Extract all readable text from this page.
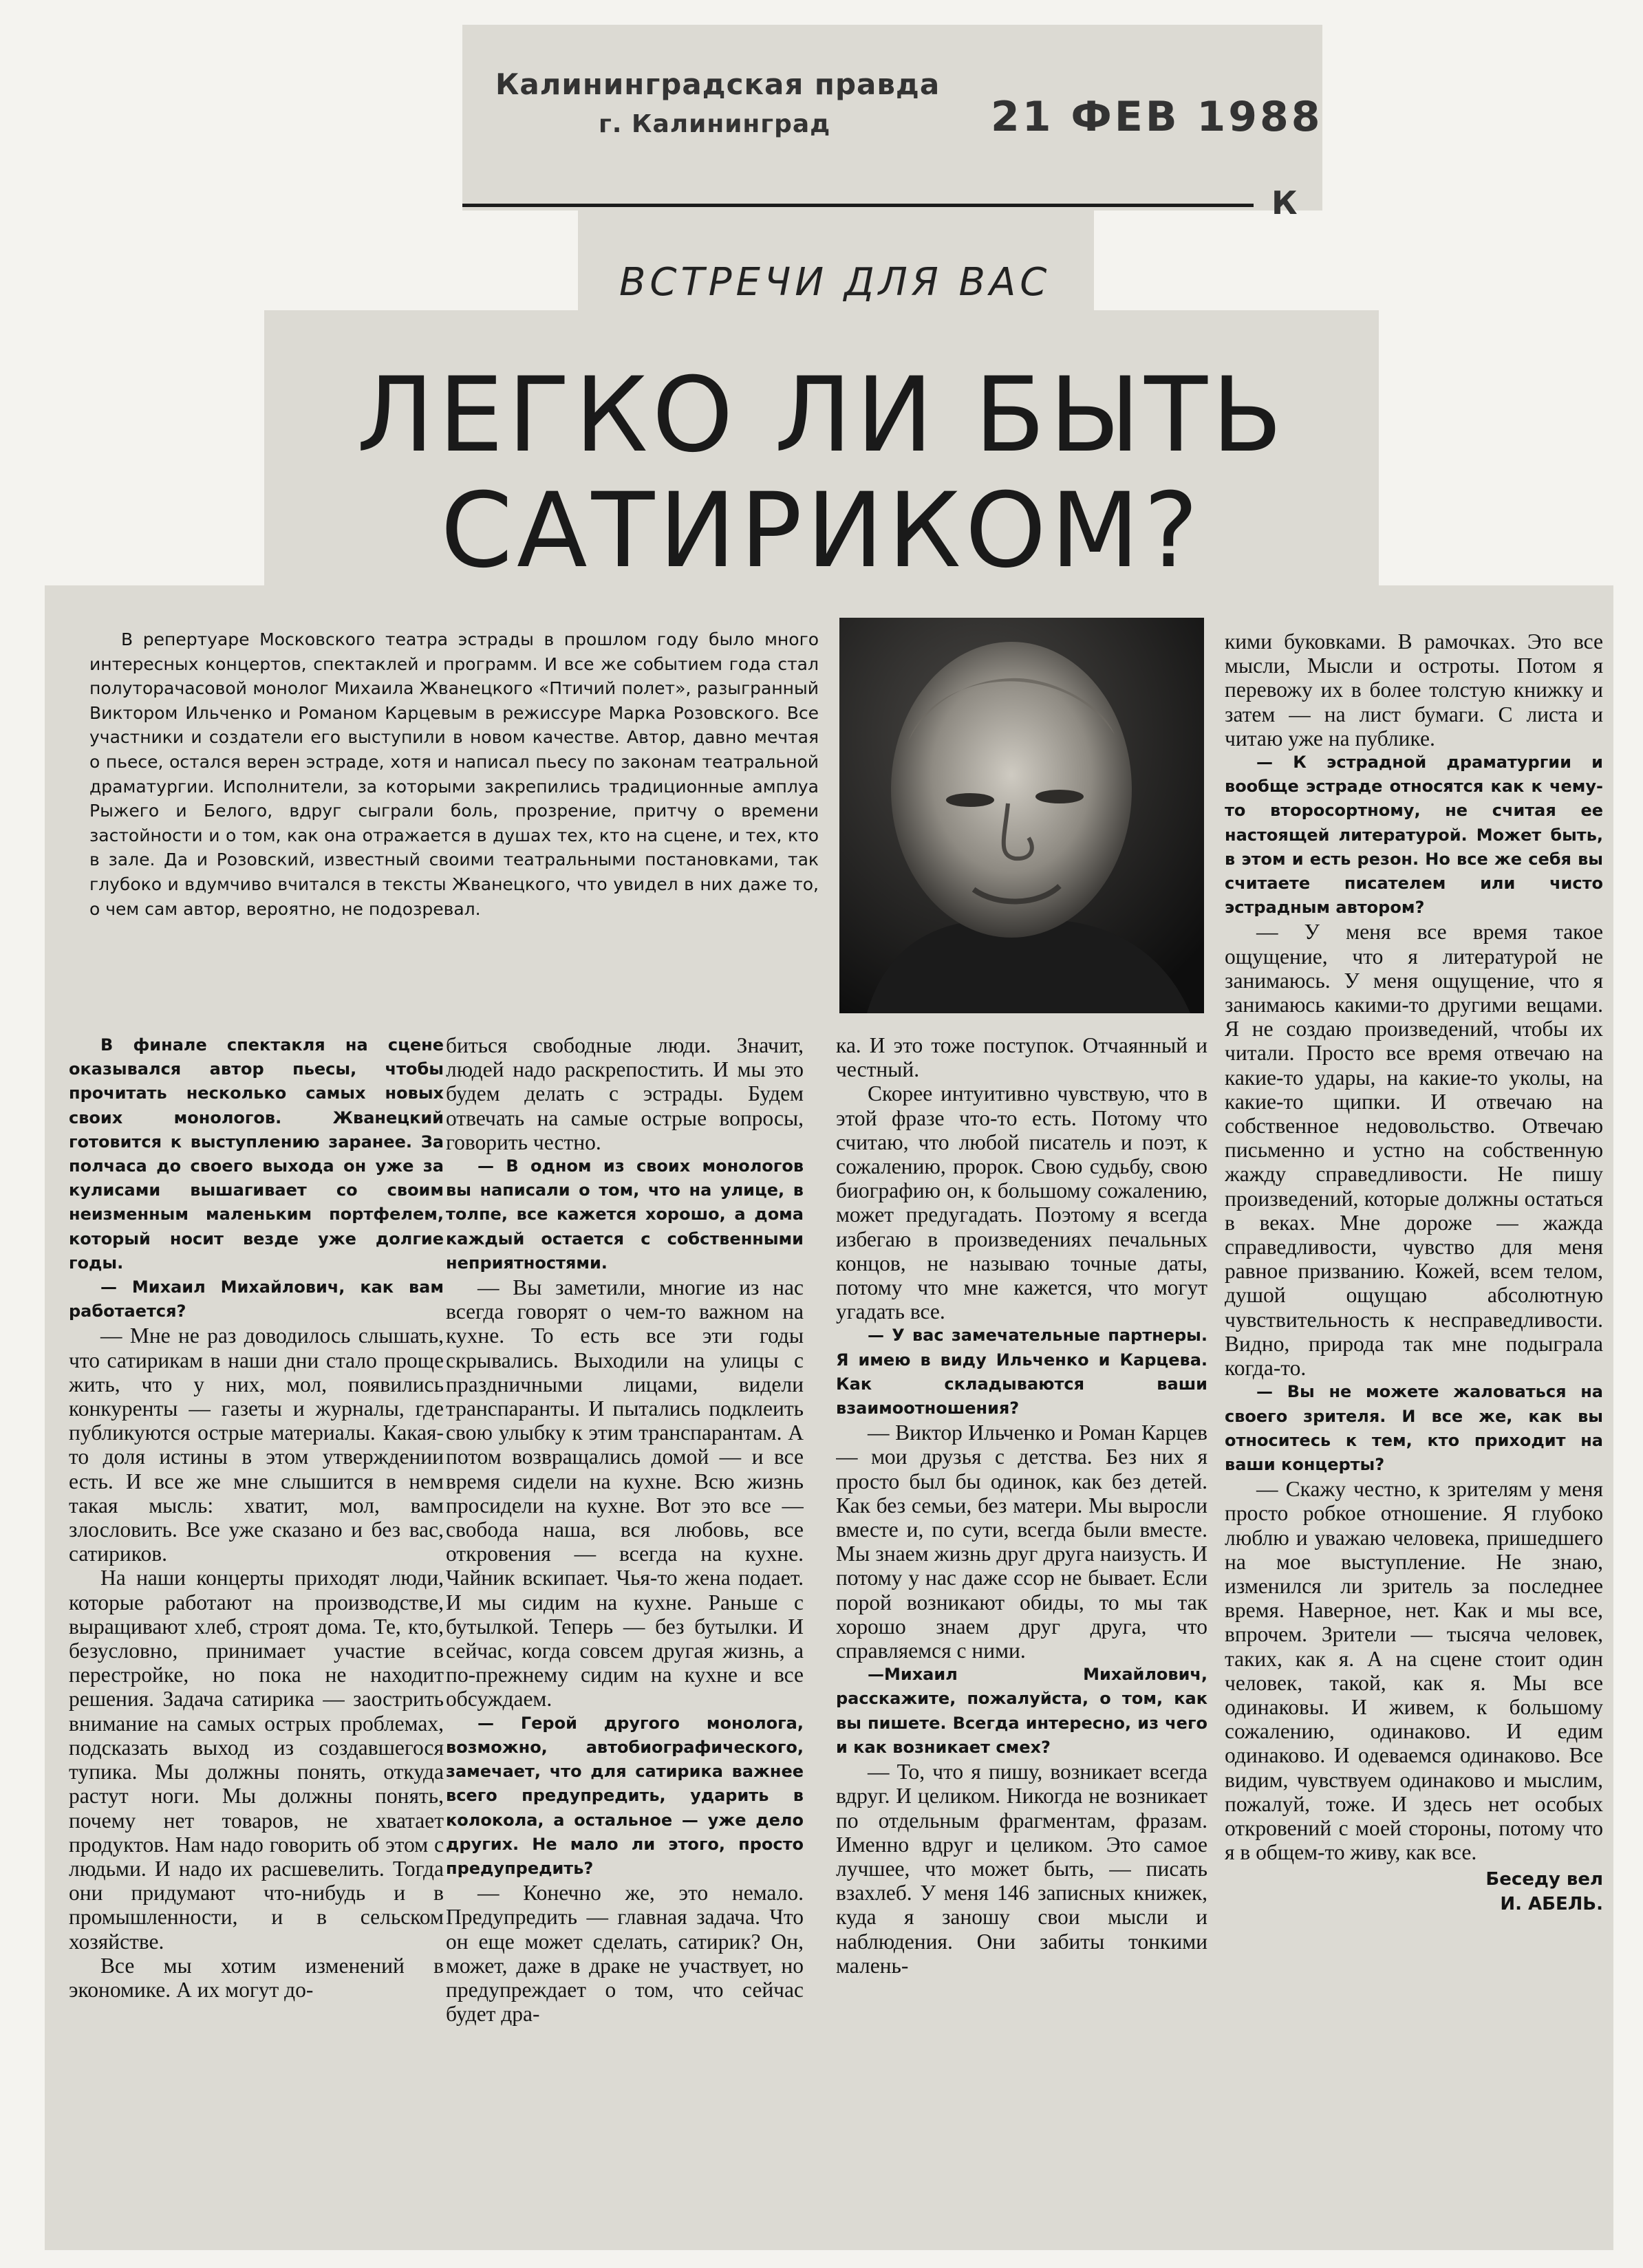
Калининградская правда
г. Калининград	21 ФЕВ 1988
К
ВСТРЕЧИ ДЛЯ ВАС
ЛЕГКО ЛИ БЫТЬ
САТИРИКОМ?

В репертуаре Московского театра эстрады в прошлом году было много интересных концертов, спектаклей и программ. И все же событием года стал полуторачасовой монолог Михаила Жванецкого «Птичий полет», разыгранный Виктором Ильченко и Романом Карцевым в режиссуре Марка Розовского. Все участники и создатели его выступили в новом качестве. Автор, давно мечтая о пьесе, остался верен эстраде, хотя и написал пьесу по законам театральной драматургии. Исполнители, за которыми закрепились традиционные амплуа Рыжего и Белого, вдруг сыграли боль, прозрение, притчу о времени застойности и о том, как она отражается в душах тех, кто на сцене, и тех, кто в зале. Да и Розовский, известный своими театральными постановками, так глубоко и вдумчиво вчитался в тексты Жванецкого, что увидел в них даже то, о чем сам автор, вероятно, не подозревал.

В финале спектакля на сцене оказывался автор пьесы, чтобы прочитать несколько самых новых своих монологов. Жванецкий готовится к выступлению заранее. За полчаса до своего выхода он уже за кулисами вышагивает со своим неизменным маленьким портфелем, который носит везде уже долгие годы.

— Михаил Михайлович, как вам работается?

— Мне не раз доводилось слышать, что сатирикам в наши дни стало проще жить, что у них, мол, появились конкуренты — газеты и журналы, где публикуются острые материалы. Какая-то доля истины в этом утверждении есть. И все же мне слышится в нем такая мысль: хватит, мол, вам злословить. Все уже сказано и без вас, сатириков.

На наши концерты приходят люди, которые работают на производстве, выращивают хлеб, строят дома. Те, кто, безусловно, принимает участие в перестройке, но пока не находит решения. Задача сатирика — заострить внимание на самых острых проблемах, подсказать выход из создавшегося тупика. Мы должны понять, откуда растут ноги. Мы должны понять, почему нет товаров, не хватает продуктов. Нам надо говорить об этом с людьми. И надо их расшевелить. Тогда они придумают что-нибудь и в промышленности, и в сельском хозяйстве.

Все мы хотим изменений в экономике. А их могут до-

биться свободные люди. Значит, людей надо раскрепостить. И мы это будем делать с эстрады. Будем отвечать на самые острые вопросы, говорить честно.

— В одном из своих монологов вы написали о том, что на улице, в толпе, все кажется хорошо, а дома каждый остается с собственными неприятностями.

— Вы заметили, многие из нас всегда говорят о чем-то важном на кухне. То есть все эти годы скрывались. Выходили на улицы с праздничными лицами, видели транспаранты. И пытались подклеить свою улыбку к этим транспарантам. А потом возвращались домой — и все время сидели на кухне. Всю жизнь просидели на кухне. Вот это все — свобода наша, вся любовь, все откровения — всегда на кухне. Чайник вскипает. Чья-то жена подает. И мы сидим на кухне. Раньше с бутылкой. Теперь — без бутылки. И сейчас, когда совсем другая жизнь, а по-прежнему сидим на кухне и все обсуждаем.

— Герой другого монолога, возможно, автобиографического, замечает, что для сатирика важнее всего предупредить, ударить в колокола, а остальное — уже дело других. Не мало ли этого, просто предупредить?

— Конечно же, это немало. Предупредить — главная задача. Что он еще может сделать, сатирик? Он, может, даже в драке не участвует, но предупреждает о том, что сейчас будет дра-

ка. И это тоже поступок. Отчаянный и честный.

Скорее интуитивно чувствую, что в этой фразе что-то есть. Потому что считаю, что любой писатель и поэт, к сожалению, пророк. Свою судьбу, свою биографию он, к большому сожалению, может предугадать. Поэтому я всегда избегаю в произведениях печальных концов, не называю точные даты, потому что мне кажется, что могут угадать все.

— У вас замечательные партнеры. Я имею в виду Ильченко и Карцева. Как складываются ваши взаимоотношения?

— Виктор Ильченко и Роман Карцев — мои друзья с детства. Без них я просто был бы одинок, как без детей. Как без семьи, без матери. Мы выросли вместе и, по сути, всегда были вместе. Мы знаем жизнь друг друга наизусть. И потому у нас даже ссор не бывает. Если порой возникают обиды, то мы так хорошо знаем друг друга, что справляемся с ними.

—Михаил Михайлович, расскажите, пожалуйста, о том, как вы пишете. Всегда интересно, из чего и как возникает смех?

— То, что я пишу, возникает всегда вдруг. И целиком. Никогда не возникает по отдельным фрагментам, фразам. Именно вдруг и целиком. Это самое лучшее, что может быть, — писать взахлеб. У меня 146 записных книжек, куда я заношу свои мысли и наблюдения. Они забиты тонкими малень-

кими буковками. В рамочках. Это все мысли, Мысли и остроты. Потом я перевожу их в более толстую книжку и затем — на лист бумаги. С листа и читаю уже на публике.

— К эстрадной драматургии и вообще эстраде относятся как к чему-то второсортному, не считая ее настоящей литературой. Может быть, в этом и есть резон. Но все же себя вы считаете писателем или чисто эстрадным автором?

— У меня все время такое ощущение, что я литературой не занимаюсь. У меня ощущение, что я занимаюсь какими-то другими вещами. Я не создаю произведений, чтобы их читали. Просто все время отвечаю на какие-то удары, на какие-то уколы, на какие-то щипки. И отвечаю на собственное недовольство. Отвечаю письменно и устно на собственную жажду справедливости. Не пишу произведений, которые должны остаться в веках. Мне дороже — жажда справедливости, чувство для меня равное призванию. Кожей, всем телом, душой ощущаю абсолютную чувствительность к несправедливости. Видно, природа так мне подыграла когда-то.

— Вы не можете жаловаться на своего зрителя. И все же, как вы относитесь к тем, кто приходит на ваши концерты?

— Скажу честно, к зрителям у меня просто робкое отношение. Я глубоко люблю и уважаю человека, пришедшего на мое выступление. Не знаю, изменился ли зритель за последнее время. Наверное, нет. Как и мы все, впрочем. Зрители — тысяча человек, таких, как я. А на сцене стоит один человек, такой, как я. Мы все одинаковы. И живем, к большому сожалению, одинаково. И едим одинаково. И одеваемся одинаково. Все видим, чувствуем одинаково и мыслим, пожалуй, тоже. И здесь нет особых откровений с моей стороны, потому что я в общем-то живу, как все.

Беседу вел
И. АБЕЛЬ.
